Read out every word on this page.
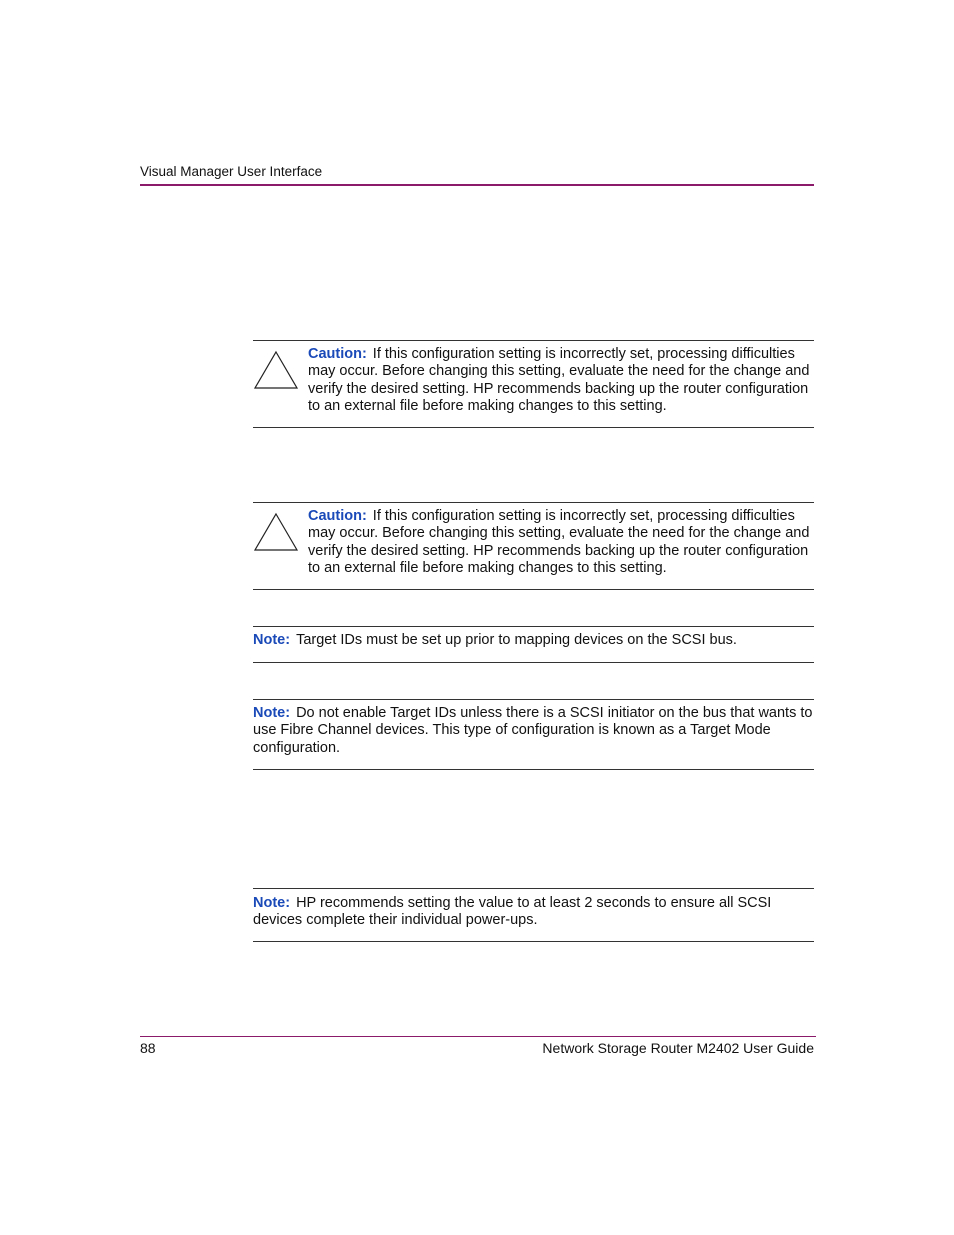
Visual Manager User Interface
Caution: If this configuration setting is incorrectly set, processing difficulties may occur. Before changing this setting, evaluate the need for the change and verify the desired setting. HP recommends backing up the router configuration to an external file before making changes to this setting.
Caution: If this configuration setting is incorrectly set, processing difficulties may occur. Before changing this setting, evaluate the need for the change and verify the desired setting. HP recommends backing up the router configuration to an external file before making changes to this setting.
Note: Target IDs must be set up prior to mapping devices on the SCSI bus.
Note: Do not enable Target IDs unless there is a SCSI initiator on the bus that wants to use Fibre Channel devices. This type of configuration is known as a Target Mode configuration.
Note: HP recommends setting the value to at least 2 seconds to ensure all SCSI devices complete their individual power-ups.
88	Network Storage Router M2402 User Guide
